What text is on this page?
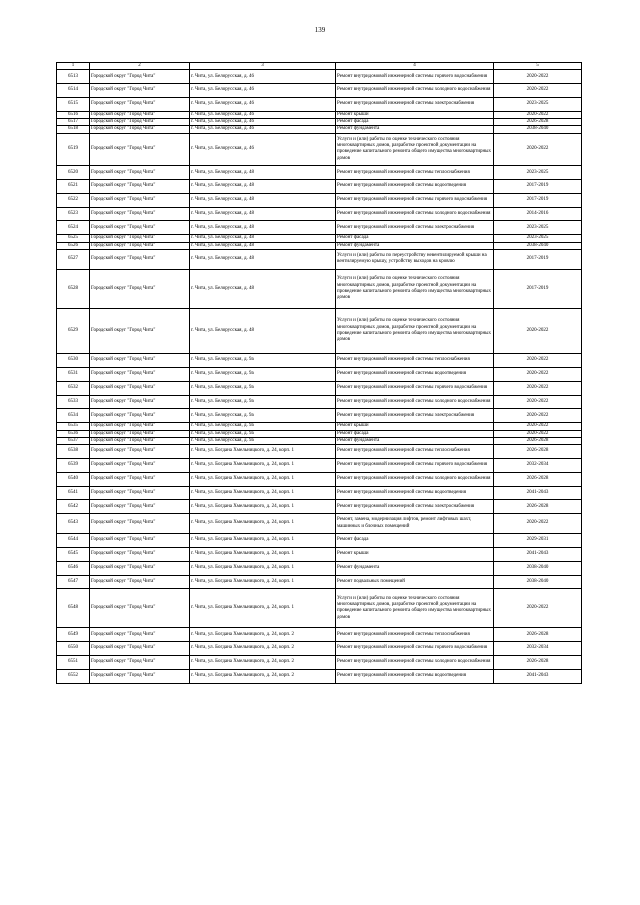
139
1	2	3	4	5
6513	Городской округ "Город Чита"	г. Чита, ул. Белорусская, д. 46	Ремонт внутридомовой инженерной системы горячего водоснабжения	2020-2022
6514	Городской округ "Город Чита"	г. Чита, ул. Белорусская, д. 46	Ремонт внутридомовой инженерной системы холодного водоснабжения	2020-2022
6515	Городской округ "Город Чита"	г. Чита, ул. Белорусская, д. 46	Ремонт внутридомовой инженерной системы электроснабжения	2023-2025
6516	Городской округ "Город Чита"	г. Чита, ул. Белорусская, д. 46	Ремонт крыши	2020-2022
6517	Городской округ "Город Чита"	г. Чита, ул. Белорусская, д. 46	Ремонт фасада	2026-2028
6518	Городской округ "Город Чита"	г. Чита, ул. Белорусская, д. 46	Ремонт фундамента	2038-2040
6519	Городской округ "Город Чита"	г. Чита, ул. Белорусская, д. 46	Услуги и (или) работы по оценке технического состояния многоквартирных домов, разработке проектной документации на проведение капитального ремонта общего имущества многоквартирных домов	2020-2022
6520	Городской округ "Город Чита"	г. Чита, ул. Белорусская, д. 48	Ремонт внутридомовой инженерной системы теплоснабжения	2023-2025
6521	Городской округ "Город Чита"	г. Чита, ул. Белорусская, д. 48	Ремонт внутридомовой инженерной системы водоотведения	2017-2019
6522	Городской округ "Город Чита"	г. Чита, ул. Белорусская, д. 48	Ремонт внутридомовой инженерной системы горячего водоснабжения	2017-2019
6523	Городской округ "Город Чита"	г. Чита, ул. Белорусская, д. 48	Ремонт внутридомовой инженерной системы холодного водоснабжения	2014-2016
6524	Городской округ "Город Чита"	г. Чита, ул. Белорусская, д. 48	Ремонт внутридомовой инженерной системы электроснабжения	2023-2025
6525	Городской округ "Город Чита"	г. Чита, ул. Белорусская, д. 48	Ремонт фасада	2023-2025
6526	Городской округ "Город Чита"	г. Чита, ул. Белорусская, д. 48	Ремонт фундамента	2038-2040
6527	Городской округ "Город Чита"	г. Чита, ул. Белорусская, д. 48	Услуги и (или) работы по переустройству невентилируемой крыши на вентилируемую крышу, устройству выходов на кровлю	2017-2019
6528	Городской округ "Город Чита"	г. Чита, ул. Белорусская, д. 48	Услуги и (или) работы по оценке технического состояния многоквартирных домов, разработке проектной документации на проведение капитального ремонта общего имущества многоквартирных домов	2017-2019
6529	Городской округ "Город Чита"	г. Чита, ул. Белорусская, д. 48	Услуги и (или) работы по оценке технического состояния многоквартирных домов, разработке проектной документации на проведение капитального ремонта общего имущества многоквартирных домов	2020-2022
6530	Городской округ "Город Чита"	г. Чита, ул. Белорусская, д. 9а	Ремонт внутридомовой инженерной системы теплоснабжения	2020-2022
6531	Городской округ "Город Чита"	г. Чита, ул. Белорусская, д. 9а	Ремонт внутридомовой инженерной системы водоотведения	2020-2022
6532	Городской округ "Город Чита"	г. Чита, ул. Белорусская, д. 9а	Ремонт внутридомовой инженерной системы горячего водоснабжения	2020-2022
6533	Городской округ "Город Чита"	г. Чита, ул. Белорусская, д. 9а	Ремонт внутридомовой инженерной системы холодного водоснабжения	2020-2022
6534	Городской округ "Город Чита"	г. Чита, ул. Белорусская, д. 9а	Ремонт внутридомовой инженерной системы электроснабжения	2020-2022
6535	Городской округ "Город Чита"	г. Чита, ул. Белорусская, д. 9а	Ремонт крыши	2020-2022
6536	Городской округ "Город Чита"	г. Чита, ул. Белорусская, д. 9а	Ремонт фасада	2020-2022
6537	Городской округ "Город Чита"	г. Чита, ул. Белорусская, д. 9а	Ремонт фундамента	2026-2028
6538	Городской округ "Город Чита"	г. Чита, ул. Богдана Хмельницкого, д. 24, корп. 1	Ремонт внутридомовой инженерной системы теплоснабжения	2026-2028
6539	Городской округ "Город Чита"	г. Чита, ул. Богдана Хмельницкого, д. 24, корп. 1	Ремонт внутридомовой инженерной системы горячего водоснабжения	2032-2034
6540	Городской округ "Город Чита"	г. Чита, ул. Богдана Хмельницкого, д. 24, корп. 1	Ремонт внутридомовой инженерной системы холодного водоснабжения	2026-2028
6541	Городской округ "Город Чита"	г. Чита, ул. Богдана Хмельницкого, д. 24, корп. 1	Ремонт внутридомовой инженерной системы водоотведения	2041-2043
6542	Городской округ "Город Чита"	г. Чита, ул. Богдана Хмельницкого, д. 24, корп. 1	Ремонт внутридомовой инженерной системы электроснабжения	2026-2028
6543	Городской округ "Город Чита"	г. Чита, ул. Богдана Хмельницкого, д. 24, корп. 1	Ремонт, замена, модернизация лифтов, ремонт лифтовых шахт, машинных и блочных помещений	2020-2022
6544	Городской округ "Город Чита"	г. Чита, ул. Богдана Хмельницкого, д. 24, корп. 1	Ремонт фасада	2029-2031
6545	Городской округ "Город Чита"	г. Чита, ул. Богдана Хмельницкого, д. 24, корп. 1	Ремонт крыши	2041-2043
6546	Городской округ "Город Чита"	г. Чита, ул. Богдана Хмельницкого, д. 24, корп. 1	Ремонт фундамента	2038-2040
6547	Городской округ "Город Чита"	г. Чита, ул. Богдана Хмельницкого, д. 24, корп. 1	Ремонт подвальных помещений	2038-2040
6548	Городской округ "Город Чита"	г. Чита, ул. Богдана Хмельницкого, д. 24, корп. 1	Услуги и (или) работы по оценке технического состояния многоквартирных домов, разработке проектной документации на проведение капитального ремонта общего имущества многоквартирных домов	2020-2022
6549	Городской округ "Город Чита"	г. Чита, ул. Богдана Хмельницкого, д. 24, корп. 2	Ремонт внутридомовой инженерной системы теплоснабжения	2026-2028
6550	Городской округ "Город Чита"	г. Чита, ул. Богдана Хмельницкого, д. 24, корп. 2	Ремонт внутридомовой инженерной системы горячего водоснабжения	2032-2034
6551	Городской округ "Город Чита"	г. Чита, ул. Богдана Хмельницкого, д. 24, корп. 2	Ремонт внутридомовой инженерной системы холодного водоснабжения	2026-2028
6552	Городской округ "Город Чита"	г. Чита, ул. Богдана Хмельницкого, д. 24, корп. 2	Ремонт внутридомовой инженерной системы водоотведения	2041-2043
